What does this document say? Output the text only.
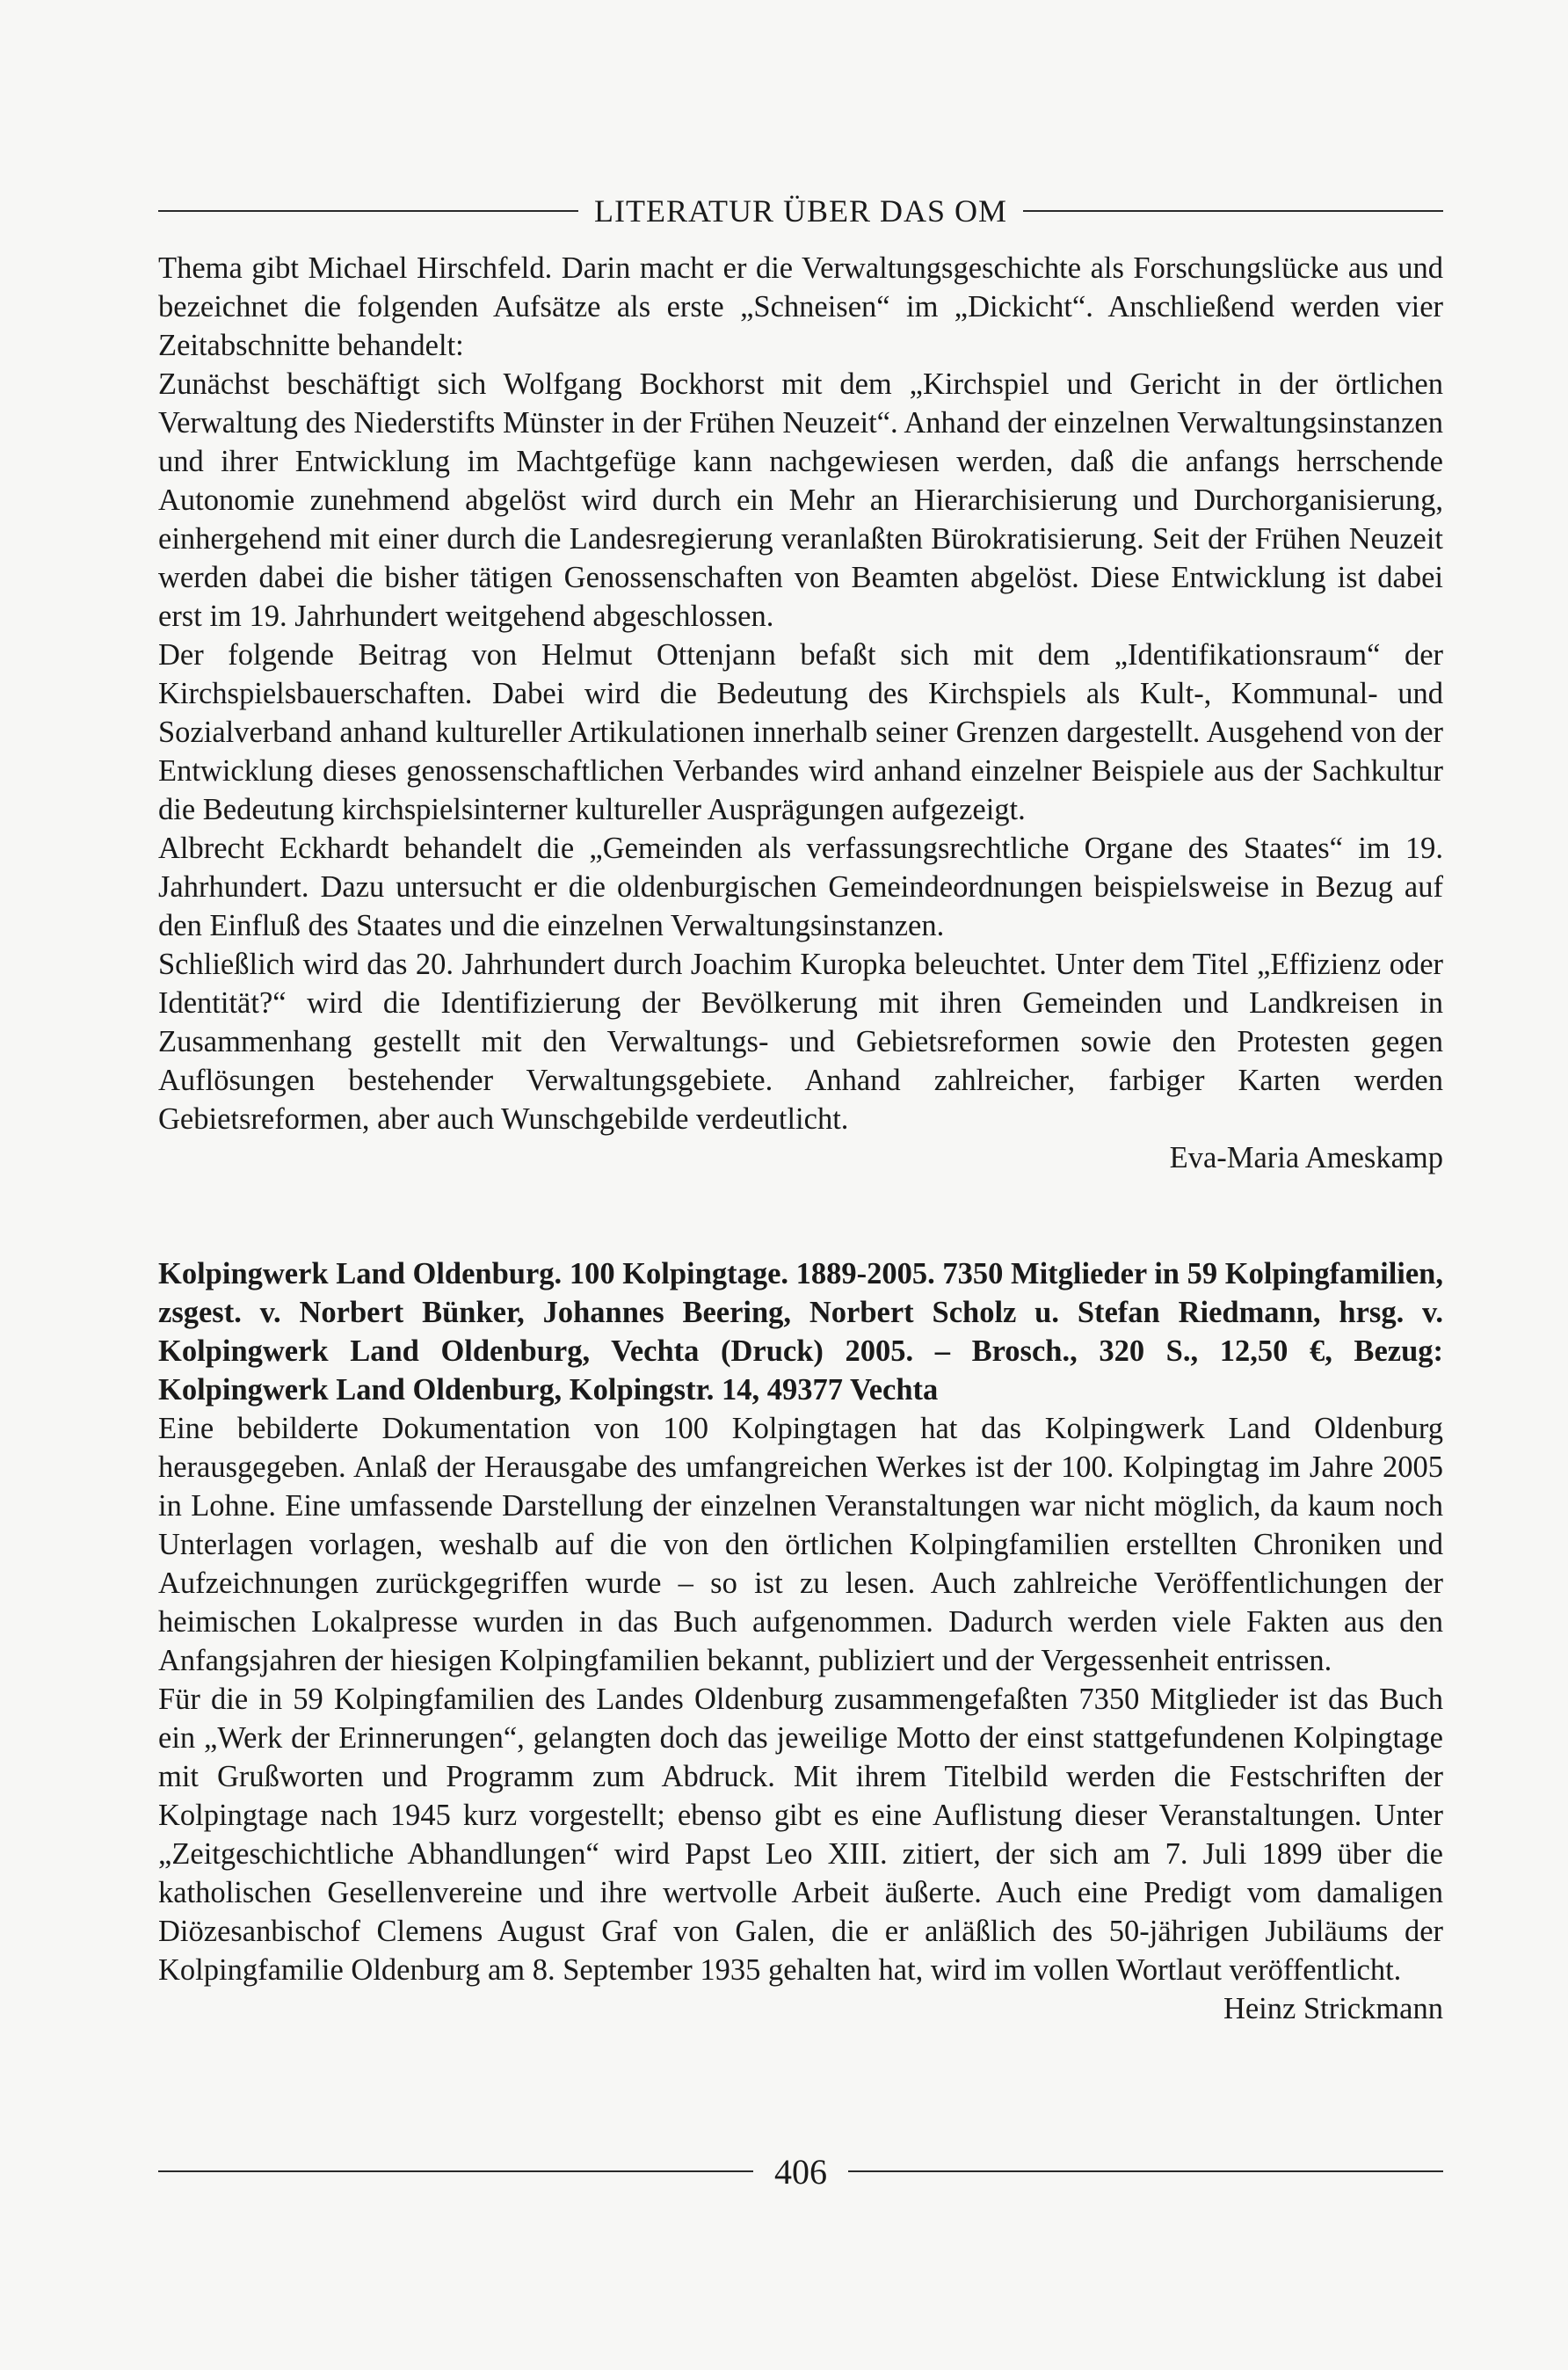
LITERATUR ÜBER DAS OM

Thema gibt Michael Hirschfeld. Darin macht er die Verwaltungsgeschichte als Forschungslücke aus und bezeichnet die folgenden Aufsätze als erste „Schneisen“ im „Dickicht“. Anschließend werden vier Zeitabschnitte behandelt:

Zunächst beschäftigt sich Wolfgang Bockhorst mit dem „Kirchspiel und Gericht in der örtlichen Verwaltung des Niederstifts Münster in der Frühen Neuzeit“. Anhand der einzelnen Verwaltungsinstanzen und ihrer Entwicklung im Machtgefüge kann nachgewiesen werden, daß die anfangs herrschende Autonomie zunehmend abgelöst wird durch ein Mehr an Hierarchisierung und Durchorganisierung, einhergehend mit einer durch die Landesregierung veranlaßten Bürokratisierung. Seit der Frühen Neuzeit werden dabei die bisher tätigen Genossenschaften von Beamten abgelöst. Diese Entwicklung ist dabei erst im 19. Jahrhundert weitgehend abgeschlossen.

Der folgende Beitrag von Helmut Ottenjann befaßt sich mit dem „Identifikationsraum“ der Kirchspielsbauerschaften. Dabei wird die Bedeutung des Kirchspiels als Kult-, Kommunal- und Sozialverband anhand kultureller Artikulationen innerhalb seiner Grenzen dargestellt. Ausgehend von der Entwicklung dieses genossenschaftlichen Verbandes wird anhand einzelner Beispiele aus der Sachkultur die Bedeutung kirchspielsinterner kultureller Ausprägungen aufgezeigt.

Albrecht Eckhardt behandelt die „Gemeinden als verfassungsrechtliche Organe des Staates“ im 19. Jahrhundert. Dazu untersucht er die oldenburgischen Gemeindeordnungen beispielsweise in Bezug auf den Einfluß des Staates und die einzelnen Verwaltungsinstanzen.

Schließlich wird das 20. Jahrhundert durch Joachim Kuropka beleuchtet. Unter dem Titel „Effizienz oder Identität?“ wird die Identifizierung der Bevölkerung mit ihren Gemeinden und Landkreisen in Zusammenhang gestellt mit den Verwaltungs- und Gebietsreformen sowie den Protesten gegen Auflösungen bestehender Verwaltungsgebiete. Anhand zahlreicher, farbiger Karten werden Gebietsreformen, aber auch Wunschgebilde verdeutlicht.

Eva-Maria Ameskamp

Kolpingwerk Land Oldenburg. 100 Kolpingtage. 1889-2005. 7350 Mitglieder in 59 Kolpingfamilien, zsgest. v. Norbert Bünker, Johannes Beering, Norbert Scholz u. Stefan Riedmann, hrsg. v. Kolpingwerk Land Oldenburg, Vechta (Druck) 2005. – Brosch., 320 S., 12,50 €, Bezug: Kolpingwerk Land Oldenburg, Kolpingstr. 14, 49377 Vechta

Eine bebilderte Dokumentation von 100 Kolpingtagen hat das Kolpingwerk Land Oldenburg herausgegeben. Anlaß der Herausgabe des umfangreichen Werkes ist der 100. Kolpingtag im Jahre 2005 in Lohne. Eine umfassende Darstellung der einzelnen Veranstaltungen war nicht möglich, da kaum noch Unterlagen vorlagen, weshalb auf die von den örtlichen Kolpingfamilien erstellten Chroniken und Aufzeichnungen zurückgegriffen wurde – so ist zu lesen. Auch zahlreiche Veröffentlichungen der heimischen Lokalpresse wurden in das Buch aufgenommen. Dadurch werden viele Fakten aus den Anfangsjahren der hiesigen Kolpingfamilien bekannt, publiziert und der Vergessenheit entrissen.

Für die in 59 Kolpingfamilien des Landes Oldenburg zusammengefaßten 7350 Mitglieder ist das Buch ein „Werk der Erinnerungen“, gelangten doch das jeweilige Motto der einst stattgefundenen Kolpingtage mit Grußworten und Programm zum Abdruck. Mit ihrem Titelbild werden die Festschriften der Kolpingtage nach 1945 kurz vorgestellt; ebenso gibt es eine Auflistung dieser Veranstaltungen. Unter „Zeitgeschichtliche Abhandlungen“ wird Papst Leo XIII. zitiert, der sich am 7. Juli 1899 über die katholischen Gesellenvereine und ihre wertvolle Arbeit äußerte. Auch eine Predigt vom damaligen Diözesanbischof Clemens August Graf von Galen, die er anläßlich des 50-jährigen Jubiläums der Kolpingfamilie Oldenburg am 8. September 1935 gehalten hat, wird im vollen Wortlaut veröffentlicht.

Heinz Strickmann

406
